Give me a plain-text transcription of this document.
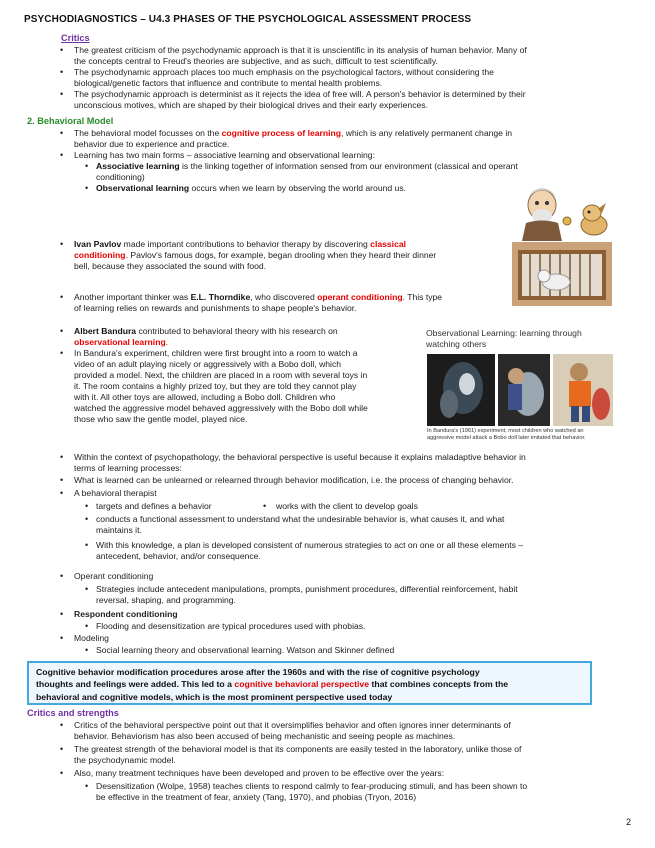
PSYCHODIAGNOSTICS – U4.3 PHASES OF THE PSYCHOLOGICAL ASSESSMENT PROCESS
Critics
• The greatest criticism of the psychodynamic approach is that it is unscientific in its analysis of human behavior. Many of
the concepts central to Freud's theories are subjective, and as such, difficult to test scientifically.
• The psychodynamic approach places too much emphasis on the psychological factors, without considering the
biological/genetic factors that influence and contribute to mental health problems.
• The psychodynamic approach is determinist as it rejects the idea of free will. A person's behavior is determined by their
unconscious motives, which are shaped by their biological drives and their early experiences.
2. Behavioral Model
• The behavioral model focusses on the cognitive process of learning, which is any relatively permanent change in
behavior due to experience and practice.
• Learning has two main forms – associative learning and observational learning:
• Associative learning is the linking together of information sensed from our environment (classical and operant
conditioning)
• Observational learning occurs when we learn by observing the world around us.
• Ivan Pavlov made important contributions to behavior therapy by discovering classical
conditioning. Pavlov's famous dogs, for example, began drooling when they heard their dinner
bell, because they associated the sound with food.
• Another important thinker was E.L. Thorndike, who discovered operant conditioning. This type
of learning relies on rewards and punishments to shape people's behavior.
• Albert Bandura contributed to behavioral theory with his research on
observational learning.
• In Bandura's experiment, children were first brought into a room to watch a
video of an adult playing nicely or aggressively with a Bobo doll, which
provided a model. Next, the children are placed in a room with several toys in
it. The room contains a highly prized toy, but they are told they cannot play
with it. All other toys are allowed, including a Bobo doll. Children who
watched the aggressive model behaved aggressively with the Bobo doll while
those who saw the gentle model, played nice.
Observational Learning: learning through
watching others
In Bandura's (1961) experiment, most children who watched an
aggressive model attack a Bobo doll later imitated that behavior.
• Within the context of psychopathology, the behavioral perspective is useful because it explains maladaptive behavior in
terms of learning processes:
• What is learned can be unlearned or relearned through behavior modification, i.e. the process of changing behavior.
• A behavioral therapist
• targets and defines a behavior	• works with the client to develop goals
• conducts a functional assessment to understand what the undesirable behavior is, what causes it, and what
maintains it.
• With this knowledge, a plan is developed consistent of numerous strategies to act on one or all these elements –
antecedent, behavior, and/or consequence.
• Operant conditioning
• Strategies include antecedent manipulations, prompts, punishment procedures, differential reinforcement, habit
reversal, shaping, and programming.
• Respondent conditioning
• Flooding and desensitization are typical procedures used with phobias.
• Modeling
• Social learning theory and observational learning. Watson and Skinner defined
Cognitive behavior modification procedures arose after the 1960s and with the rise of cognitive psychology
thoughts and feelings were added. This led to a cognitive behavioral perspective that combines concepts from the
behavioral and cognitive models, which is the most prominent perspective used today
Critics and strengths
• Critics of the behavioral perspective point out that it oversimplifies behavior and often ignores inner determinants of
behavior. Behaviorism has also been accused of being mechanistic and seeing people as machines.
• The greatest strength of the behavioral model is that its components are easily tested in the laboratory, unlike those of
the psychodynamic model.
• Also, many treatment techniques have been developed and proven to be effective over the years:
• Desensitization (Wolpe, 1958) teaches clients to respond calmly to fear-producing stimuli, and has been shown to
be effective in the treatment of fear, anxiety (Tang, 1970), and phobias (Tryon, 2016)
2
